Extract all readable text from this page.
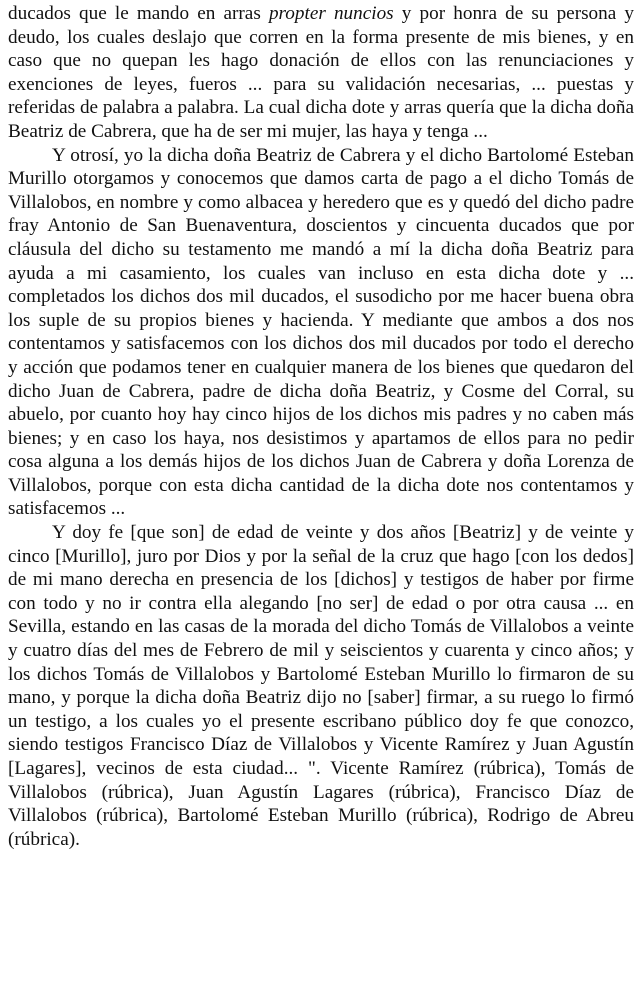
ducados que le mando en arras propter nuncios y por honra de su persona y deudo, los cuales deslajo que corren en la forma presente de mis bienes, y en caso que no quepan les hago donación de ellos con las renunciaciones y exenciones de leyes, fueros ... para su validación necesarias, ... puestas y referidas de palabra a palabra. La cual dicha dote y arras quería que la dicha doña Beatriz de Cabrera, que ha de ser mi mujer, las haya y tenga ...

Y otrosí, yo la dicha doña Beatriz de Cabrera y el dicho Bartolomé Esteban Murillo otorgamos y conocemos que damos carta de pago a el dicho Tomás de Villalobos, en nombre y como albacea y heredero que es y quedó del dicho padre fray Antonio de San Buenaventura, doscientos y cincuenta ducados que por cláusula del dicho su testamento me mandó a mí la dicha doña Beatriz para ayuda a mi casamiento, los cuales van incluso en esta dicha dote y ... completados los dichos dos mil ducados, el susodicho por me hacer buena obra los suple de su propios bienes y hacienda. Y mediante que ambos a dos nos contentamos y satisfacemos con los dichos dos mil ducados por todo el derecho y acción que podamos tener en cualquier manera de los bienes que quedaron del dicho Juan de Cabrera, padre de dicha doña Beatriz, y Cosme del Corral, su abuelo, por cuanto hoy hay cinco hijos de los dichos mis padres y no caben más bienes; y en caso los haya, nos desistimos y apartamos de ellos para no pedir cosa alguna a los demás hijos de los dichos Juan de Cabrera y doña Lorenza de Villalobos, porque con esta dicha cantidad de la dicha dote nos contentamos y satisfacemos ...

Y doy fe [que son] de edad de veinte y dos años [Beatriz] y de veinte y cinco [Murillo], juro por Dios y por la señal de la cruz que hago [con los dedos] de mi mano derecha en presencia de los [dichos] y testigos de haber por firme con todo y no ir contra ella alegando [no ser] de edad o por otra causa ... en Sevilla, estando en las casas de la morada del dicho Tomás de Villalobos a veinte y cuatro días del mes de Febrero de mil y seiscientos y cuarenta y cinco años; y los dichos Tomás de Villalobos y Bartolomé Esteban Murillo lo firmaron de su mano, y porque la dicha doña Beatriz dijo no [saber] firmar, a su ruego lo firmó un testigo, a los cuales yo el presente escribano público doy fe que conozco, siendo testigos Francisco Díaz de Villalobos y Vicente Ramírez y Juan Agustín [Lagares], vecinos de esta ciudad... ". Vicente Ramírez (rúbrica), Tomás de Villalobos (rúbrica), Juan Agustín Lagares (rúbrica), Francisco Díaz de Villalobos (rúbrica), Bartolomé Esteban Murillo (rúbrica), Rodrigo de Abreu (rúbrica).
